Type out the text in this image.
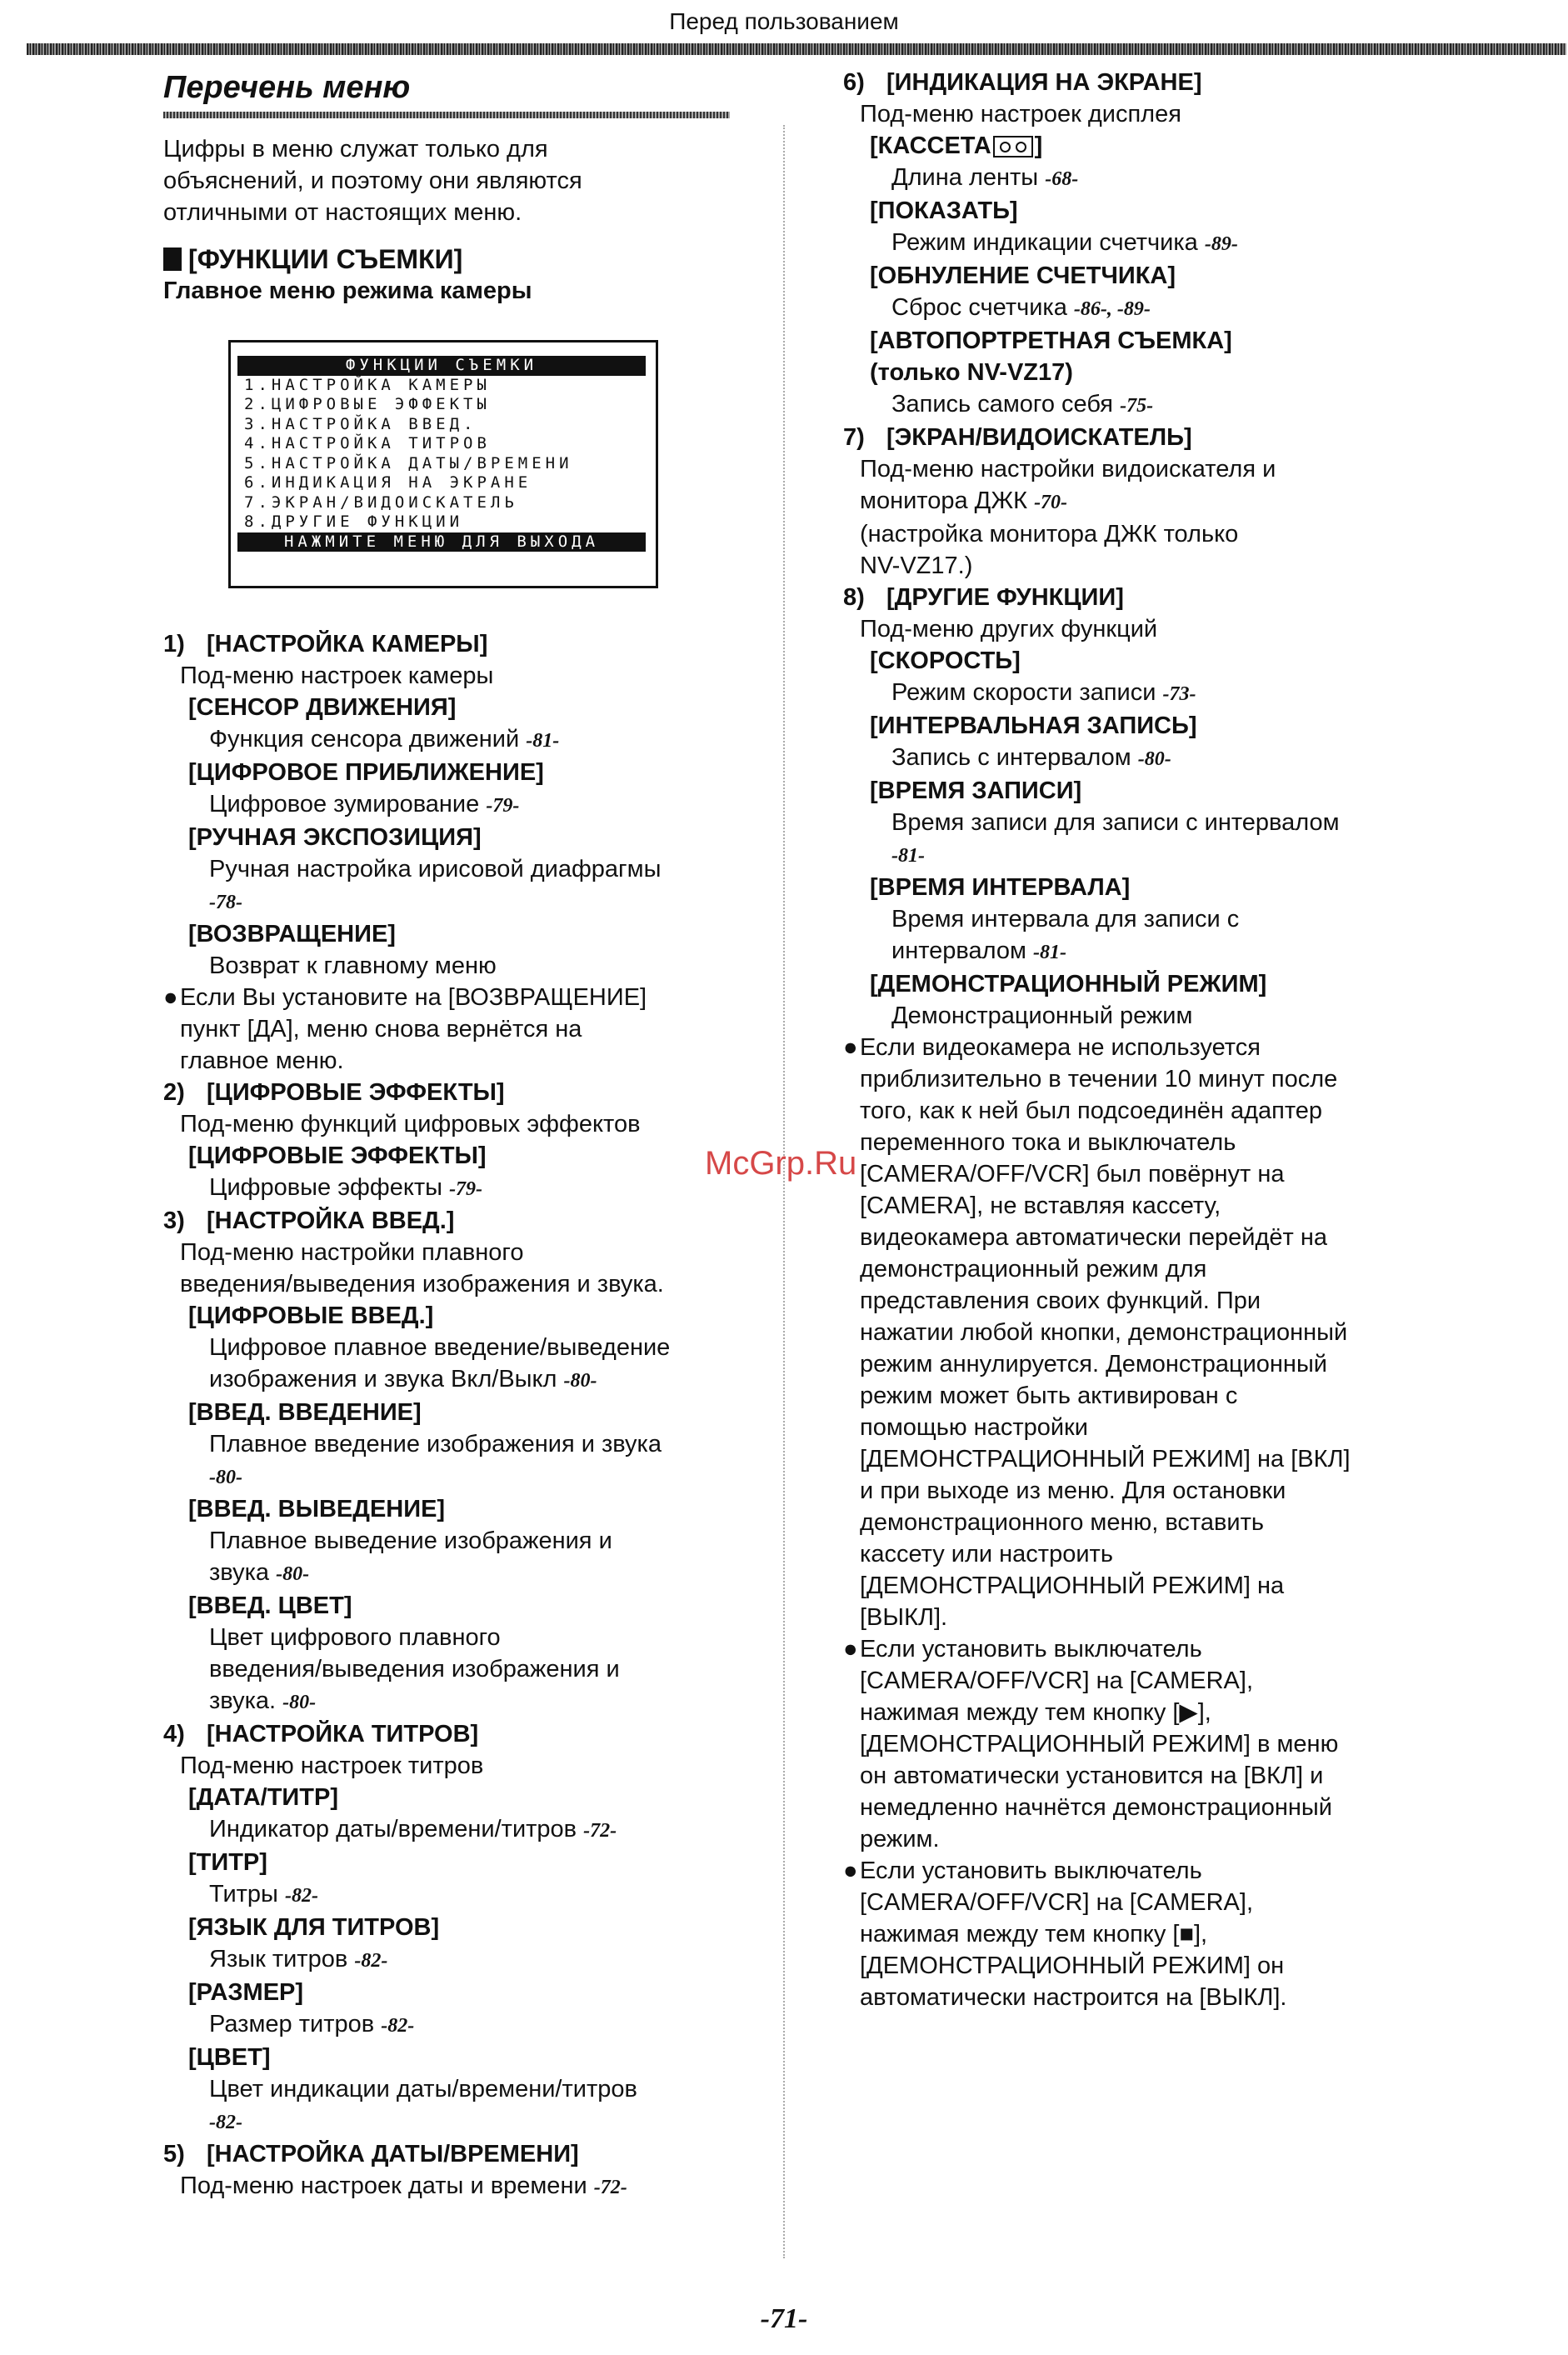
Перед пользованием
Перечень меню

Цифры в меню служат только для объяснений, и поэтому они являются отличными от настоящих меню.

[ФУНКЦИИ СЪЕМКИ]
Главное меню режима камеры
ФУНКЦИИ СЪЕМКИ
1.НАСТРОЙКА КАМЕРЫ
2.ЦИФРОВЫЕ ЭФФЕКТЫ
3.НАСТРОЙКА ВВЕД.
4.НАСТРОЙКА ТИТРОВ
5.НАСТРОЙКА ДАТЫ/ВРЕМЕНИ
6.ИНДИКАЦИЯ НА ЭКРАНЕ
7.ЭКРАН/ВИДОИСКАТЕЛЬ
8.ДРУГИЕ ФУНКЦИИ
НАЖМИТЕ МЕНЮ ДЛЯ ВЫХОДА
1) [НАСТРОЙКА КАМЕРЫ]
Под-меню настроек камеры
[СЕНСОР ДВИЖЕНИЯ]
Функция сенсора движений -81-
[ЦИФРОВОЕ ПРИБЛИЖЕНИЕ]
Цифровое зумирование -79-
[РУЧНАЯ ЭКСПОЗИЦИЯ]
Ручная настройка ирисовой диафрагмы
-78-
[ВОЗВРАЩЕНИЕ]
Возврат к главному меню
● Если Вы установите на [ВОЗВРАЩЕНИЕ]
пункт [ДА], меню снова вернётся на
главное меню.
2) [ЦИФРОВЫЕ ЭФФЕКТЫ]
Под-меню функций цифровых эффектов
[ЦИФРОВЫЕ ЭФФЕКТЫ]
Цифровые эффекты -79-
3) [НАСТРОЙКА ВВЕД.]
Под-меню настройки плавного
введения/выведения изображения и звука.
[ЦИФРОВЫЕ ВВЕД.]
Цифровое плавное введение/выведение
изображения и звука Вкл/Выкл -80-
[ВВЕД. ВВЕДЕНИЕ]
Плавное введение изображения и звука
-80-
[ВВЕД. ВЫВЕДЕНИЕ]
Плавное выведение изображения и
звука -80-
[ВВЕД. ЦВЕТ]
Цвет цифрового плавного
введения/выведения изображения и
звука. -80-
4) [НАСТРОЙКА ТИТРОВ]
Под-меню настроек титров
[ДАТА/ТИТР]
Индикатор даты/времени/титров -72-
[ТИТР]
Титры -82-
[ЯЗЫК ДЛЯ ТИТРОВ]
Язык титров -82-
[РАЗМЕР]
Размер титров -82-
[ЦВЕТ]
Цвет индикации даты/времени/титров
-82-
5) [НАСТРОЙКА ДАТЫ/ВРЕМЕНИ]
Под-меню настроек даты и времени -72-
6) [ИНДИКАЦИЯ НА ЭКРАНЕ]
Под-меню настроек дисплея
[КАССЕТА ]
Длина ленты -68-
[ПОКАЗАТЬ]
Режим индикации счетчика -89-
[ОБНУЛЕНИЕ СЧЕТЧИКА]
Сброс счетчика -86-, -89-
[АВТОПОРТРЕТНАЯ СЪЕМКА]
(только NV-VZ17)
Запись самого себя -75-
7) [ЭКРАН/ВИДОИСКАТЕЛЬ]
Под-меню настройки видоискателя и
монитора ДЖК -70-
(настройка монитора ДЖК только
NV-VZ17.)
8) [ДРУГИЕ ФУНКЦИИ]
Под-меню других функций
[СКОРОСТЬ]
Режим скорости записи -73-
[ИНТЕРВАЛЬНАЯ ЗАПИСЬ]
Запись с интервалом -80-
[ВРЕМЯ ЗАПИСИ]
Время записи для записи с интервалом
-81-
[ВРЕМЯ ИНТЕРВАЛА]
Время интервала для записи с
интервалом -81-
[ДЕМОНСТРАЦИОННЫЙ РЕЖИМ]
Демонстрационный режим
● Если видеокамера не используется
приблизительно в течении 10 минут после
того, как к ней был подсоединён адаптер
переменного тока и выключатель
[CAMERA/OFF/VCR] был повёрнут на
[CAMERA], не вставляя кассету,
видеокамера автоматически перейдёт на
демонстрационный режим для
представления своих функций. При
нажатии любой кнопки, демонстрационный
режим аннулируется. Демонстрационный
режим может быть активирован с
помощью настройки
[ДЕМОНСТРАЦИОННЫЙ РЕЖИМ] на [ВКЛ]
и при выходе из меню. Для остановки
демонстрационного меню, вставить
кассету или настроить
[ДЕМОНСТРАЦИОННЫЙ РЕЖИМ] на
[ВЫКЛ].
● Если установить выключатель
[CAMERA/OFF/VCR] на [CAMERA],
нажимая между тем кнопку [▶],
[ДЕМОНСТРАЦИОННЫЙ РЕЖИМ] в меню
он автоматически установится на [ВКЛ] и
немедленно начнётся демонстрационный
режим.
● Если установить выключатель
[CAMERA/OFF/VCR] на [CAMERA],
нажимая между тем кнопку [■],
[ДЕМОНСТРАЦИОННЫЙ РЕЖИМ] он
автоматически настроится на [ВЫКЛ].
McGrp.Ru
-71-
